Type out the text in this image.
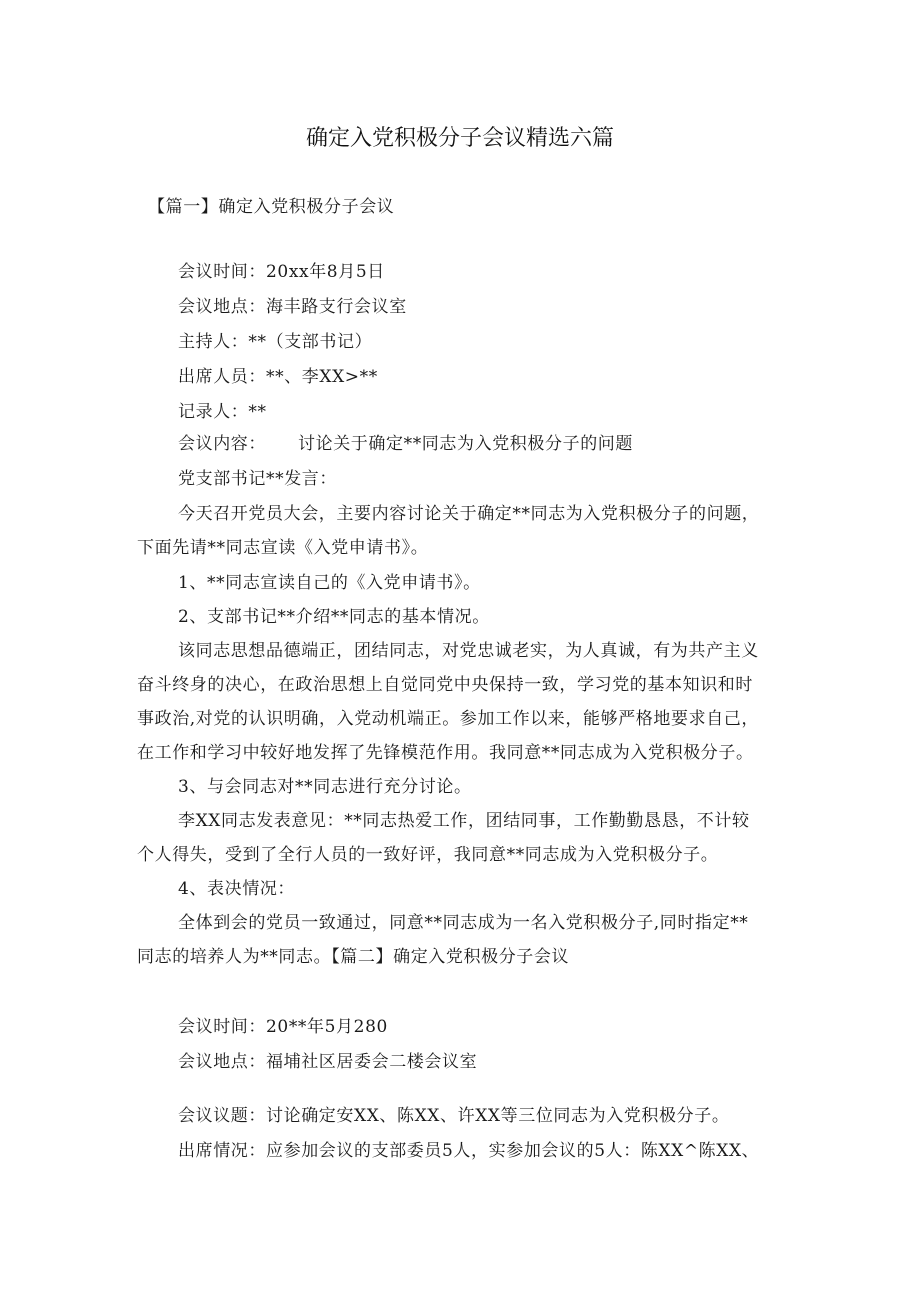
确定入党积极分子会议精选六篇
【篇一】确定入党积极分子会议
会议时间：20xx年8月5日
会议地点：海丰路支行会议室
主持人：**（支部书记）
出席人员：**、李XX>**
记录人：**
会议内容： 讨论关于确定**同志为入党积极分子的问题
党支部书记**发言：
今天召开党员大会，主要内容讨论关于确定**同志为入党积极分子的问题，
下面先请**同志宣读《入党申请书》。
1、**同志宣读自己的《入党申请书》。
2、支部书记**介绍**同志的基本情况。
该同志思想品德端正，团结同志，对党忠诚老实，为人真诚，有为共产主义
奋斗终身的决心，在政治思想上自觉同党中央保持一致，学习党的基本知识和时
事政治,对党的认识明确，入党动机端正。参加工作以来，能够严格地要求自己，
在工作和学习中较好地发挥了先锋模范作用。我同意**同志成为入党积极分子。
3、与会同志对**同志进行充分讨论。
李XX同志发表意见：**同志热爱工作，团结同事，工作勤勤恳恳，不计较
个人得失，受到了全行人员的一致好评，我同意**同志成为入党积极分子。
4、表决情况：
全体到会的党员一致通过，同意**同志成为一名入党积极分子,同时指定**
同志的培养人为**同志。【篇二】确定入党积极分子会议
会议时间：20**年5月280
会议地点：福埔社区居委会二楼会议室
会议议题：讨论确定安XX、陈XX、许XX等三位同志为入党积极分子。
出席情况：应参加会议的支部委员5人，实参加会议的5人：陈XX^陈XX、
